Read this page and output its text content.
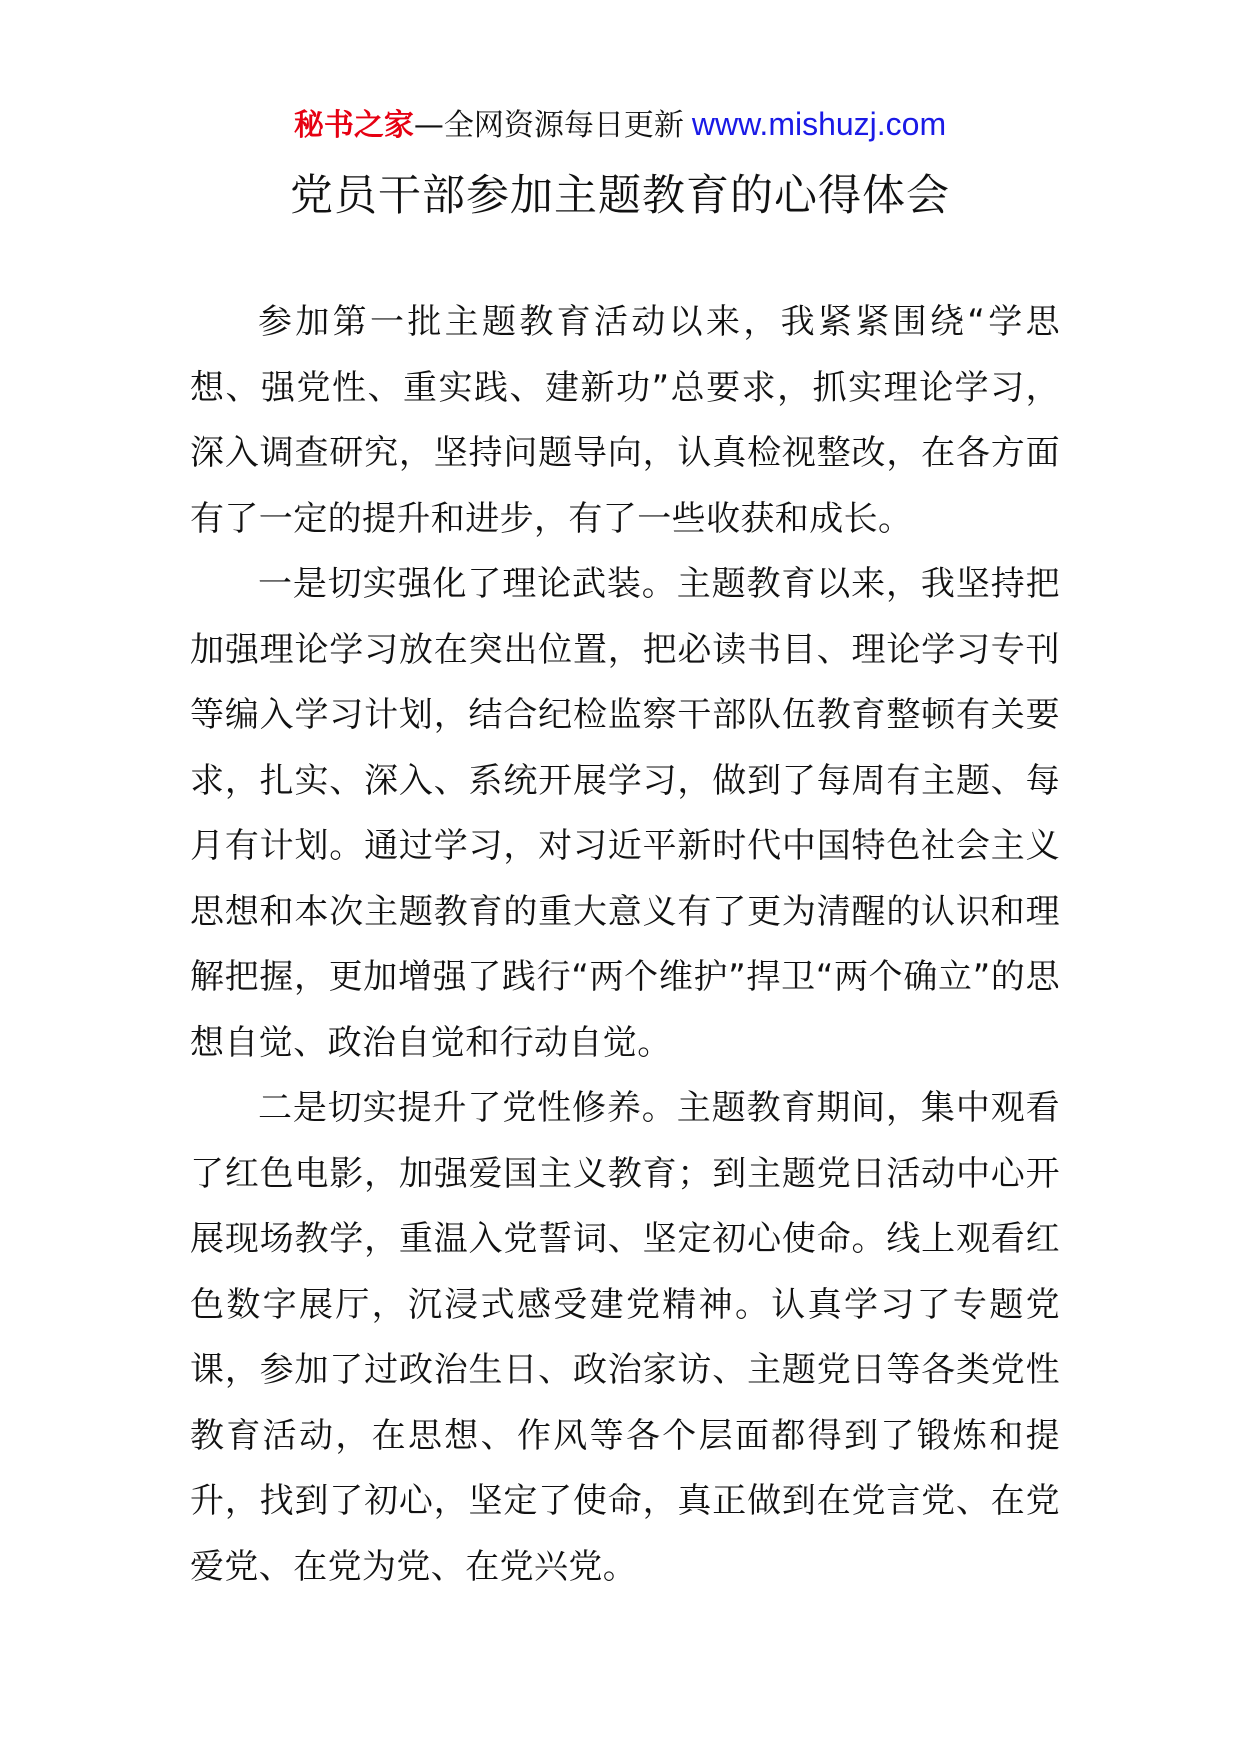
秘书之家—全网资源每日更新 www.mishuzj.com
党员干部参加主题教育的心得体会

参加第一批主题教育活动以来，我紧紧围绕“学思想、强党性、重实践、建新功”总要求，抓实理论学习，深入调查研究，坚持问题导向，认真检视整改，在各方面有了一定的提升和进步，有了一些收获和成长。

一是切实强化了理论武装。主题教育以来，我坚持把加强理论学习放在突出位置，把必读书目、理论学习专刊等编入学习计划，结合纪检监察干部队伍教育整顿有关要求，扎实、深入、系统开展学习，做到了每周有主题、每月有计划。通过学习，对习近平新时代中国特色社会主义思想和本次主题教育的重大意义有了更为清醒的认识和理解把握，更加增强了践行“两个维护”捍卫“两个确立”的思想自觉、政治自觉和行动自觉。

二是切实提升了党性修养。主题教育期间，集中观看了红色电影，加强爱国主义教育；到主题党日活动中心开展现场教学，重温入党誓词、坚定初心使命。线上观看红色数字展厅，沉浸式感受建党精神。认真学习了专题党课，参加了过政治生日、政治家访、主题党日等各类党性教育活动，在思想、作风等各个层面都得到了锻炼和提升，找到了初心，坚定了使命，真正做到在党言党、在党爱党、在党为党、在党兴党。
